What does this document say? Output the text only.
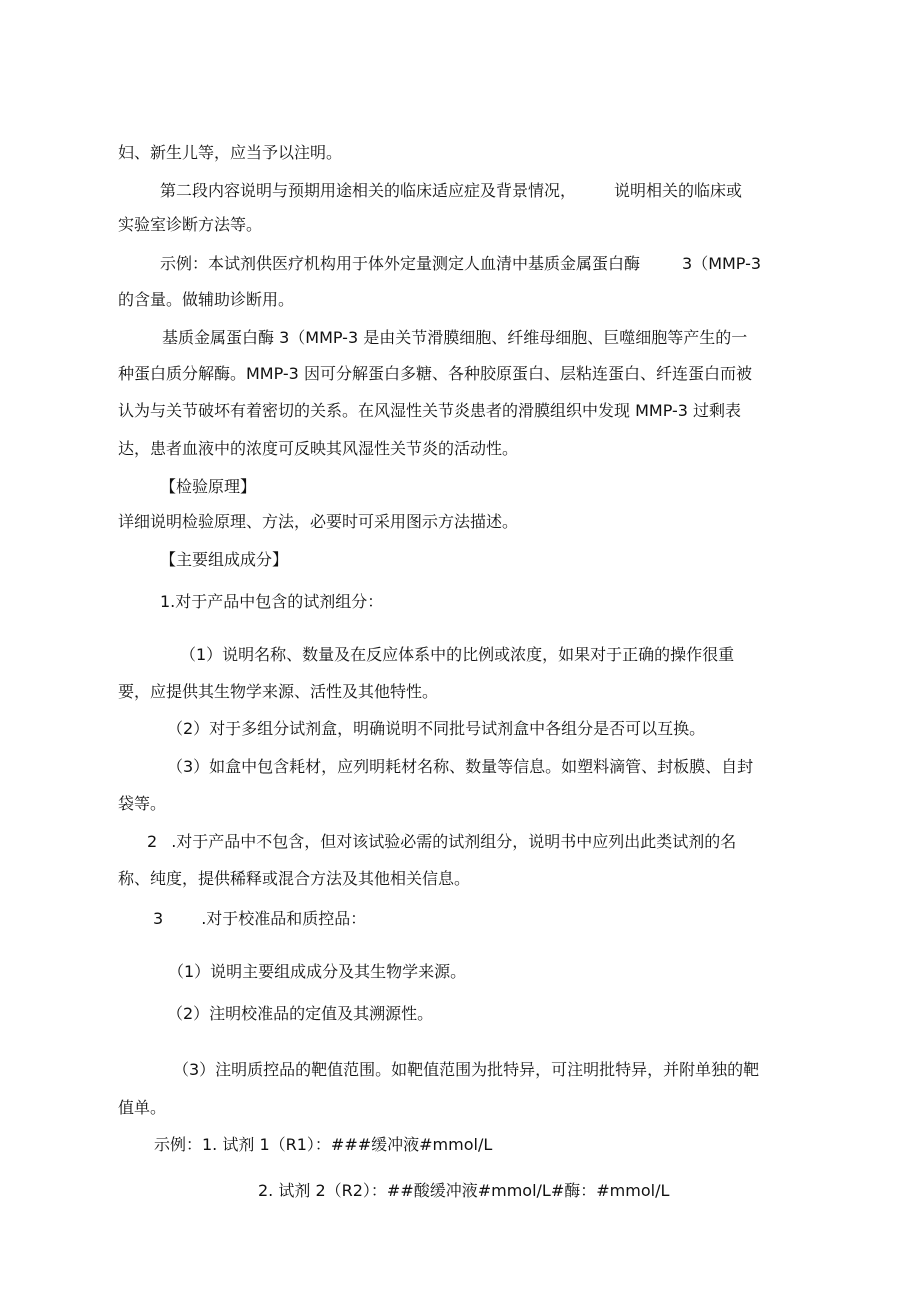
妇、新生儿等，应当予以注明。

第二段内容说明与预期用途相关的临床适应症及背景情况， 说明相关的临床或

实验室诊断方法等。

示例：本试剂供医疗机构用于体外定量测定人血清中基质金属蛋白酶	3（MMP-3

的含量。做辅助诊断用。

基质金属蛋白酶 3（MMP-3 是由关节滑膜细胞、纤维母细胞、巨噬细胞等产生的一

种蛋白质分解酶。MMP-3 因可分解蛋白多糖、各种胶原蛋白、层粘连蛋白、纤连蛋白而被

认为与关节破坏有着密切的关系。在风湿性关节炎患者的滑膜组织中发现 MMP-3 过剩表

达，患者血液中的浓度可反映其风湿性关节炎的活动性。

【检验原理】

详细说明检验原理、方法，必要时可采用图示方法描述。

【主要组成成分】

1.对于产品中包含的试剂组分：

（1）说明名称、数量及在反应体系中的比例或浓度，如果对于正确的操作很重

要，应提供其生物学来源、活性及其他特性。

（2）对于多组分试剂盒，明确说明不同批号试剂盒中各组分是否可以互换。

（3）如盒中包含耗材，应列明耗材名称、数量等信息。如塑料滴管、封板膜、自封

袋等。

2 .对于产品中不包含，但对该试验必需的试剂组分，说明书中应列出此类试剂的名

称、纯度，提供稀释或混合方法及其他相关信息。

3 .对于校准品和质控品：

（1）说明主要组成成分及其生物学来源。

（2）注明校准品的定值及其溯源性。

（3）注明质控品的靶值范围。如靶值范围为批特异，可注明批特异，并附单独的靶

值单。

示例：1. 试剂 1（R1）：###缓冲液#mmol/L

2. 试剂 2（R2）：##酸缓冲液#mmol/L#酶：#mmol/L
